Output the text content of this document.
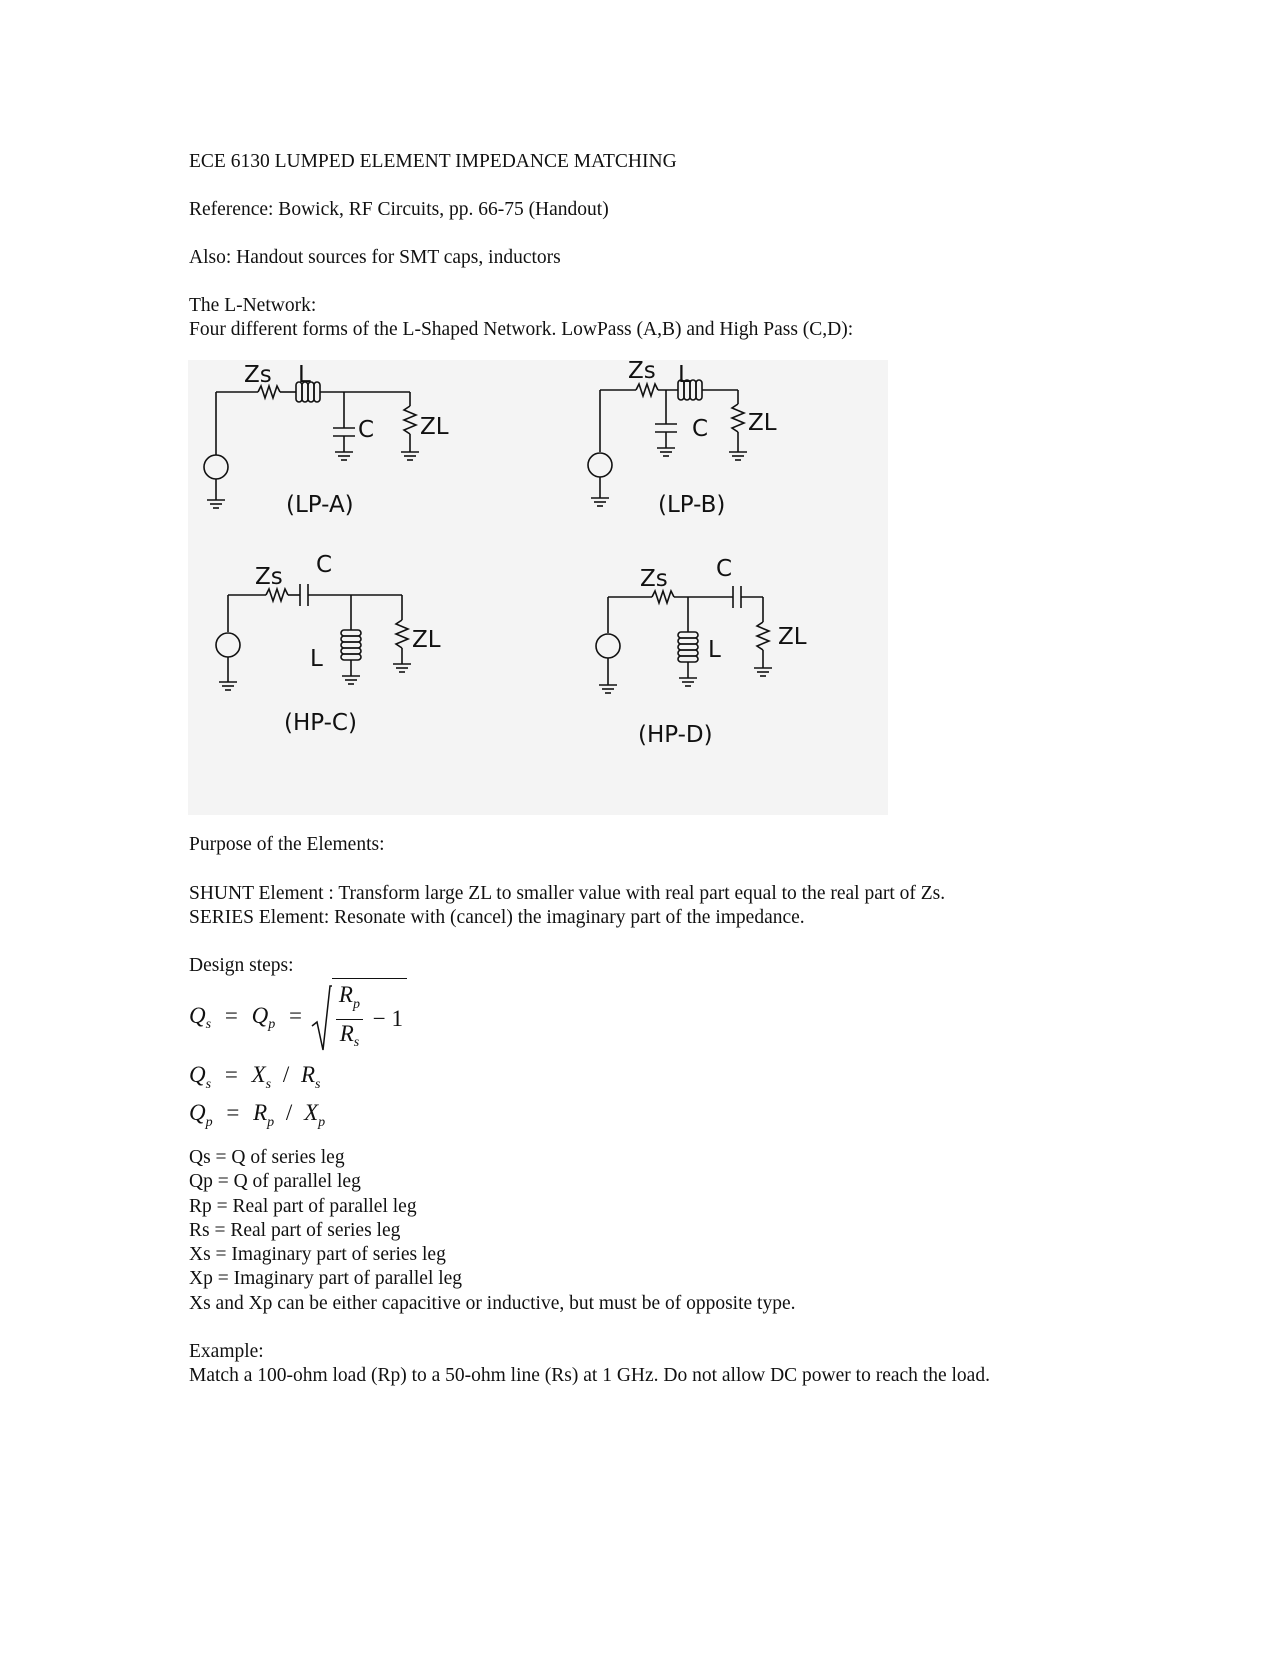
ECE 6130 LUMPED ELEMENT IMPEDANCE MATCHING

Reference: Bowick, RF Circuits, pp. 66-75 (Handout)

Also: Handout sources for SMT caps, inductors

The L-Network:

Four different forms of the L-Shaped Network. LowPass (A,B) and High Pass (C,D):

Zs L
C ZL
(LP-A)
Zs L
C ZL
(LP-B)
Zs C
L
ZL
(HP-C)
Zs C
L ZL
(HP-D)

Purpose of the Elements:

SHUNT Element : Transform large ZL to smaller value with real part equal to the real part of Zs.

SERIES Element: Resonate with (cancel) the imaginary part of the impedance.

Design steps:

$Q_s = Q_p = \frac{R_p}{R_s} - 1$
$Q_s = X_s / R_s$
$Q_p = R_p / X_p$
Qs = Q of series leg
Qp = Q of parallel leg
Rp = Real part of parallel leg
Rs = Real part of series leg
Xs = Imaginary part of series leg
Xp = Imaginary part of parallel leg
Xs and Xp can be either capacitive or inductive, but must be of opposite type.

Example:

Match a 100-ohm load (Rp) to a 50-ohm line (Rs) at 1 GHz. Do not allow DC power to reach the load.
